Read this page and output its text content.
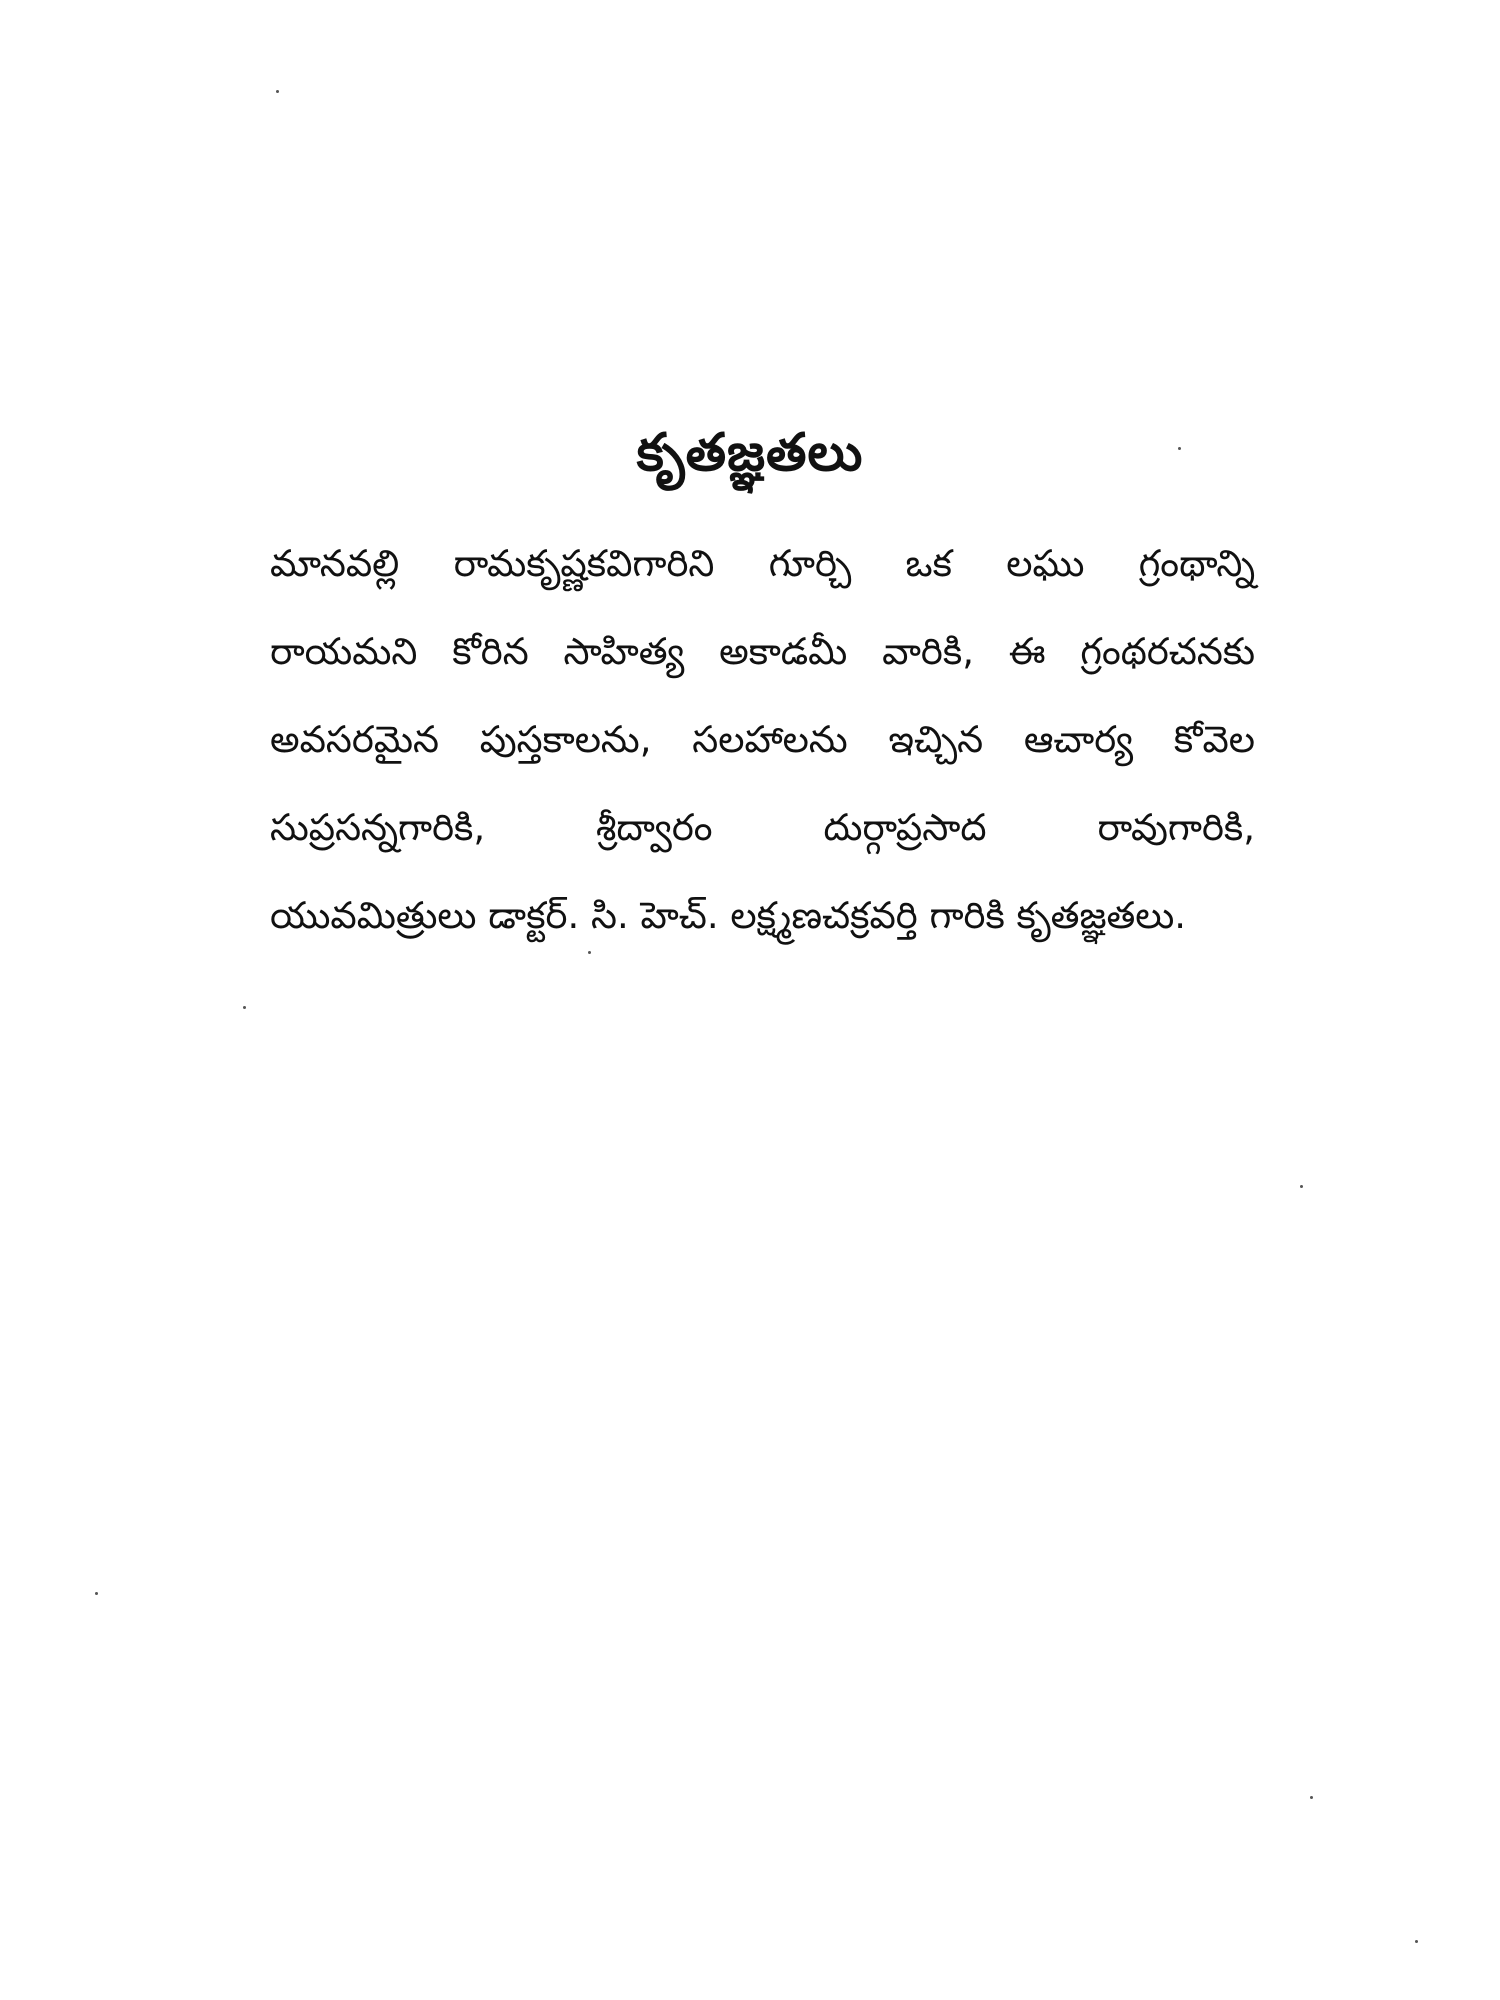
కృతజ్ఞతలు
మానవల్లి రామకృష్ణకవిగారిని గూర్చి ఒక లఘు గ్రంథాన్ని
రాయమని కోరిన సాహిత్య అకాడమీ వారికి, ఈ గ్రంథరచనకు
అవసరమైన పుస్తకాలను, సలహాలను ఇచ్చిన ఆచార్య కోవెల
సుప్రసన్నగారికి, శ్రీద్వారం దుర్గాప్రసాద రావుగారికి,
యువమిత్రులు డాక్టర్. సి. హెచ్. లక్ష్మణచక్రవర్తి గారికి కృతజ్ఞతలు.
